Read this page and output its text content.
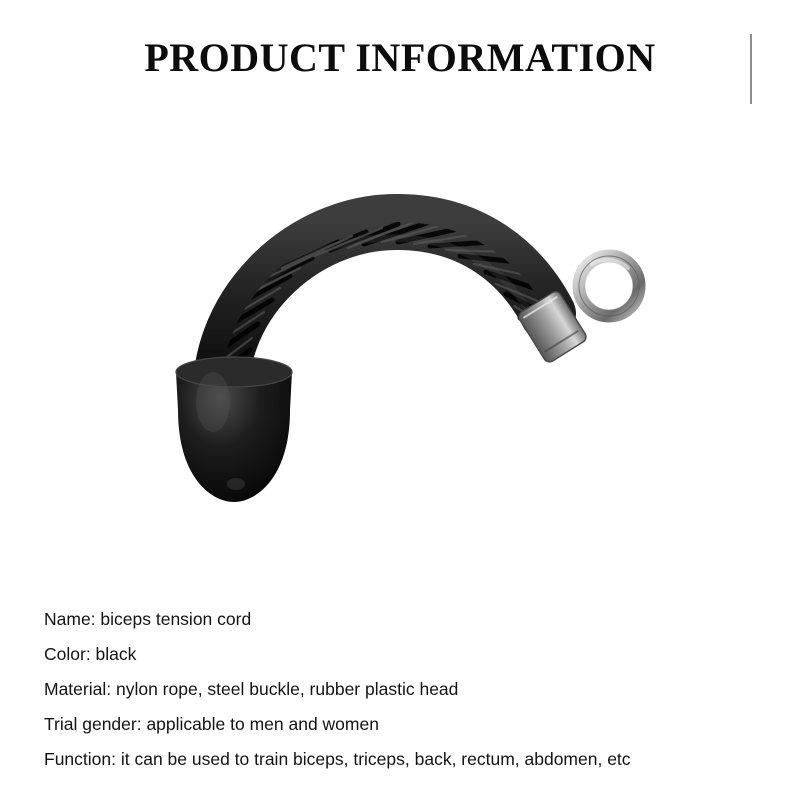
PRODUCT INFORMATION
Name: biceps tension cord
Color: black
Material: nylon rope, steel buckle, rubber plastic head
Trial gender: applicable to men and women
Function: it can be used to train biceps, triceps, back, rectum, abdomen, etc
